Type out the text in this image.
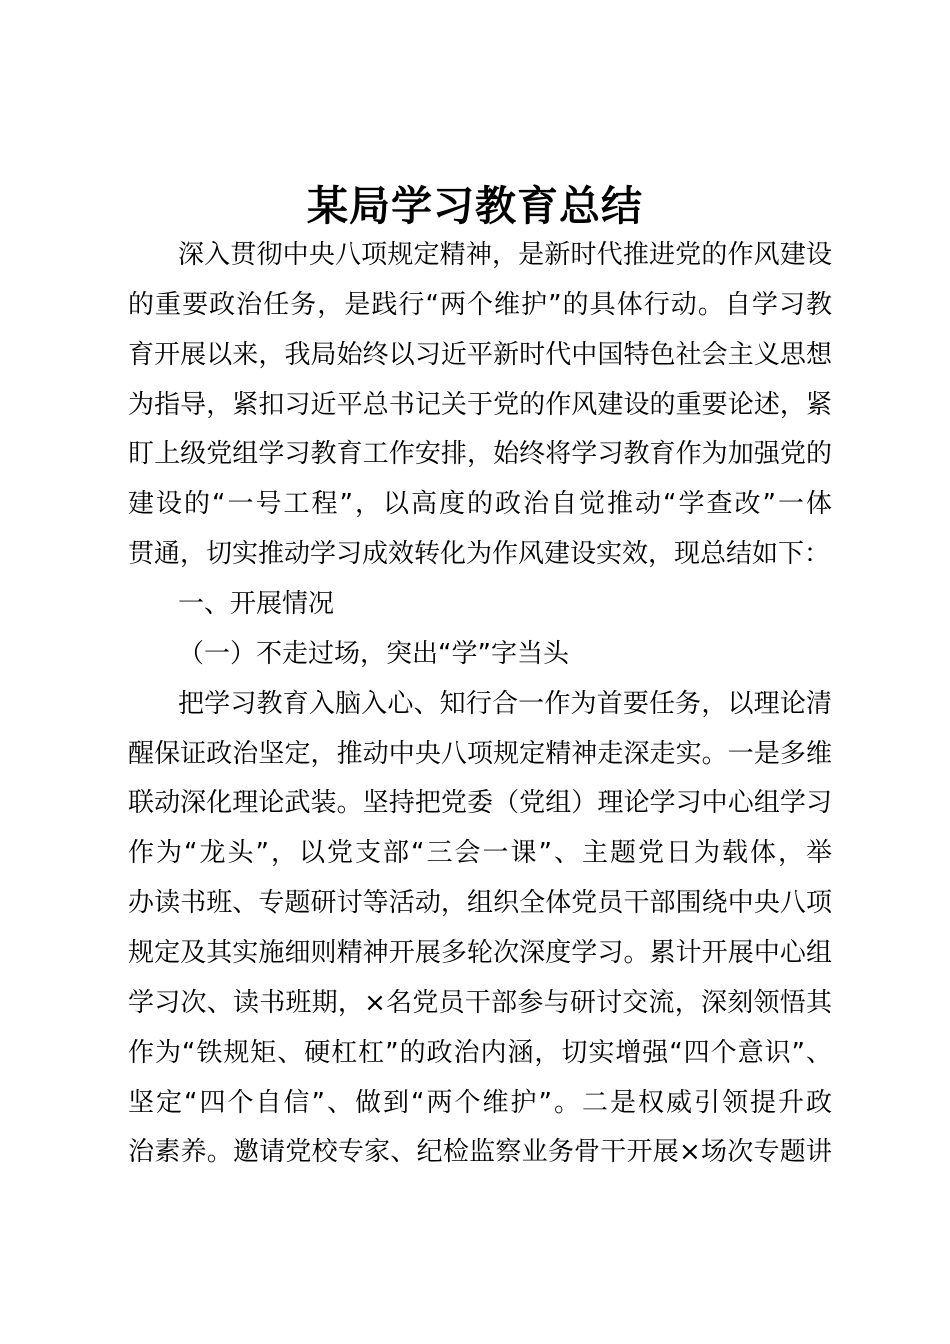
某局学习教育总结
深入贯彻中央八项规定精神，是新时代推进党的作风建设
的重要政治任务，是践行“两个维护”的具体行动。自学习教
育开展以来，我局始终以习近平新时代中国特色社会主义思想
为指导，紧扣习近平总书记关于党的作风建设的重要论述，紧
盯上级党组学习教育工作安排，始终将学习教育作为加强党的
建设的“一号工程”，以高度的政治自觉推动“学查改”一体
贯通，切实推动学习成效转化为作风建设实效，现总结如下：
一、开展情况
（一）不走过场，突出“学”字当头
把学习教育入脑入心、知行合一作为首要任务，以理论清
醒保证政治坚定，推动中央八项规定精神走深走实。一是多维
联动深化理论武装。坚持把党委（党组）理论学习中心组学习
作为“龙头”，以党支部“三会一课”、主题党日为载体，举
办读书班、专题研讨等活动，组织全体党员干部围绕中央八项
规定及其实施细则精神开展多轮次深度学习。累计开展中心组
学习次、读书班期，×名党员干部参与研讨交流，深刻领悟其
作为“铁规矩、硬杠杠”的政治内涵，切实增强“四个意识”、
坚定“四个自信”、做到“两个维护”。二是权威引领提升政
治素养。邀请党校专家、纪检监察业务骨干开展×场次专题讲
